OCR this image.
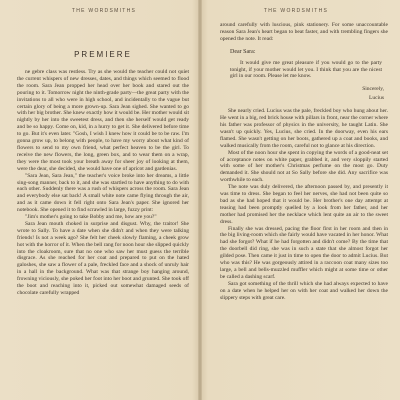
THE WORDSMITHS
PREMIERE

ne gebre class was restless. Try as she would the teacher could not quiet the current whispers of new dresses, dates, and things which seemed to flood the room. Sara Jean propped her head over her book and stared out the pouring to it. Tomorrow night the ninth-grade party—the great party with the invitations to all who were in high school, and incidentally to the vague but certain glory of being a more grown-up. Sara Jean sighed. She wanted to go with her big brother. She knew exactly how it would be. Her mother would sit nightly by her into the sweetest dress, and then she herself would get ready and be so happy. Come on, kid, in a hurry to get it. She delivered before time to go. But it's even later. "Gosh, I wish I knew how it could be to be raw. I'm gonna grow up, to belong with people, to have my worry about what kind of flowers to send to my own friend, what perfect heaven to be the girl. To receive the new flowers, the long, green box, and to wear them on a wrap, they were the most took your breath away for sheer joy of looking at them, were the dear, she decided, she would have one of apricot and gardenias.

"Sara Jean, Sara Jean," the teacher's voice broke into her dreams, a little sing-song manner, back to it, and she was startled to have anything to do with each other. Suddenly there was a rush of whispers across the room. Sara Jean and everybody else sat back! A small white note came flying through the air, and as it came down it fell right onto Sara Jean's paper. She ignored her notebook. She opened it to find scrawled in large, fuzzy print:

"Jim's mother's going to take Bobby and me, how are you?"

Sara Jean mouth choked in surprise and disgust. Why, the traitor! She wrote to Sally. To have a date when she didn't and when they were talking friends! Is not a week ago? She felt her cheek slowly flaming, a cheek grow hot with the horror of it. When the bell rang for noon hour she slipped quickly into the cloakroom, sure that no one who saw her must guess the terrible disgrace. As she reached for her coat and prepared to put on the hated galoshes, she saw a flower of a pale, freckled face and a shock of unruly hair in a hall in the background. What was that strange boy hanging around, frowning viciously, she poked her foot into her boot and grunted. She took off the boot and reaching into it, picked out somewhat damaged seeds of chocolate carefully wrapped

THE WORDSMITHS

around carefully with luscious, pink stationery. For some unaccountable reason Sara Jean's heart began to beat faster, and with trembling fingers she opened the note. It read:

Dear Sara:

It would give me great pleasure if you would go to the party tonight, if your mother would let you. I think that you are the nicest girl in our room. Please let me know.

Sincerely,

Lucius

She nearly cried. Lucius was the pale, freckled boy who hung about her. He went in a big, red brick house with pillars in front, near the corner where his father was professor of physics in the university, he taught Latin. She wasn't up quickly. Yes, Lucius, she cried. In the doorway, even his ears flamed. She wasn't getting on her boots, gathered up a coat and books, and walked musically from the room, careful not to glance at his direction.

Most of the noon hour she spent in copying the words of a good-neat set of acceptance notes on white paper, grabbed it, and very sloppily started with some of her mother's Christmas perfume on the most go. Duty demanded it. She should not at So Sally before she did. Any sacrifice was worthwhile to each.

The note was duly delivered, the afternoon passed by, and presently it was time to dress. She began to feel her nerves, she had not been quite so bad as she had hoped that it would be. Her brother's one day attempt at teasing had been promptly quelled by a look from her father, and her mother had promised her the necklace which lent quite an air to the sweet dress.

Finally she was dressed, pacing the floor first in her room and then in the big living-room which she fairly would have vacated in her honor. What had she forgot? What if he had forgotten and didn't come? By the time that the doorbell did ring, she was in such a state that she almost forgot her gilded pose. Then came it just in time to open the door to admit Lucius. But who was this? He was gorgeously attired in a raccoon coat many sizes too large, a bell and bells-muzzled muffler which might at some time or other be called a dashing scarf.

Sara got something of the thrill which she had always expected to have on a date when he helped her on with her coat and walked her down the slippery steps with great care.
